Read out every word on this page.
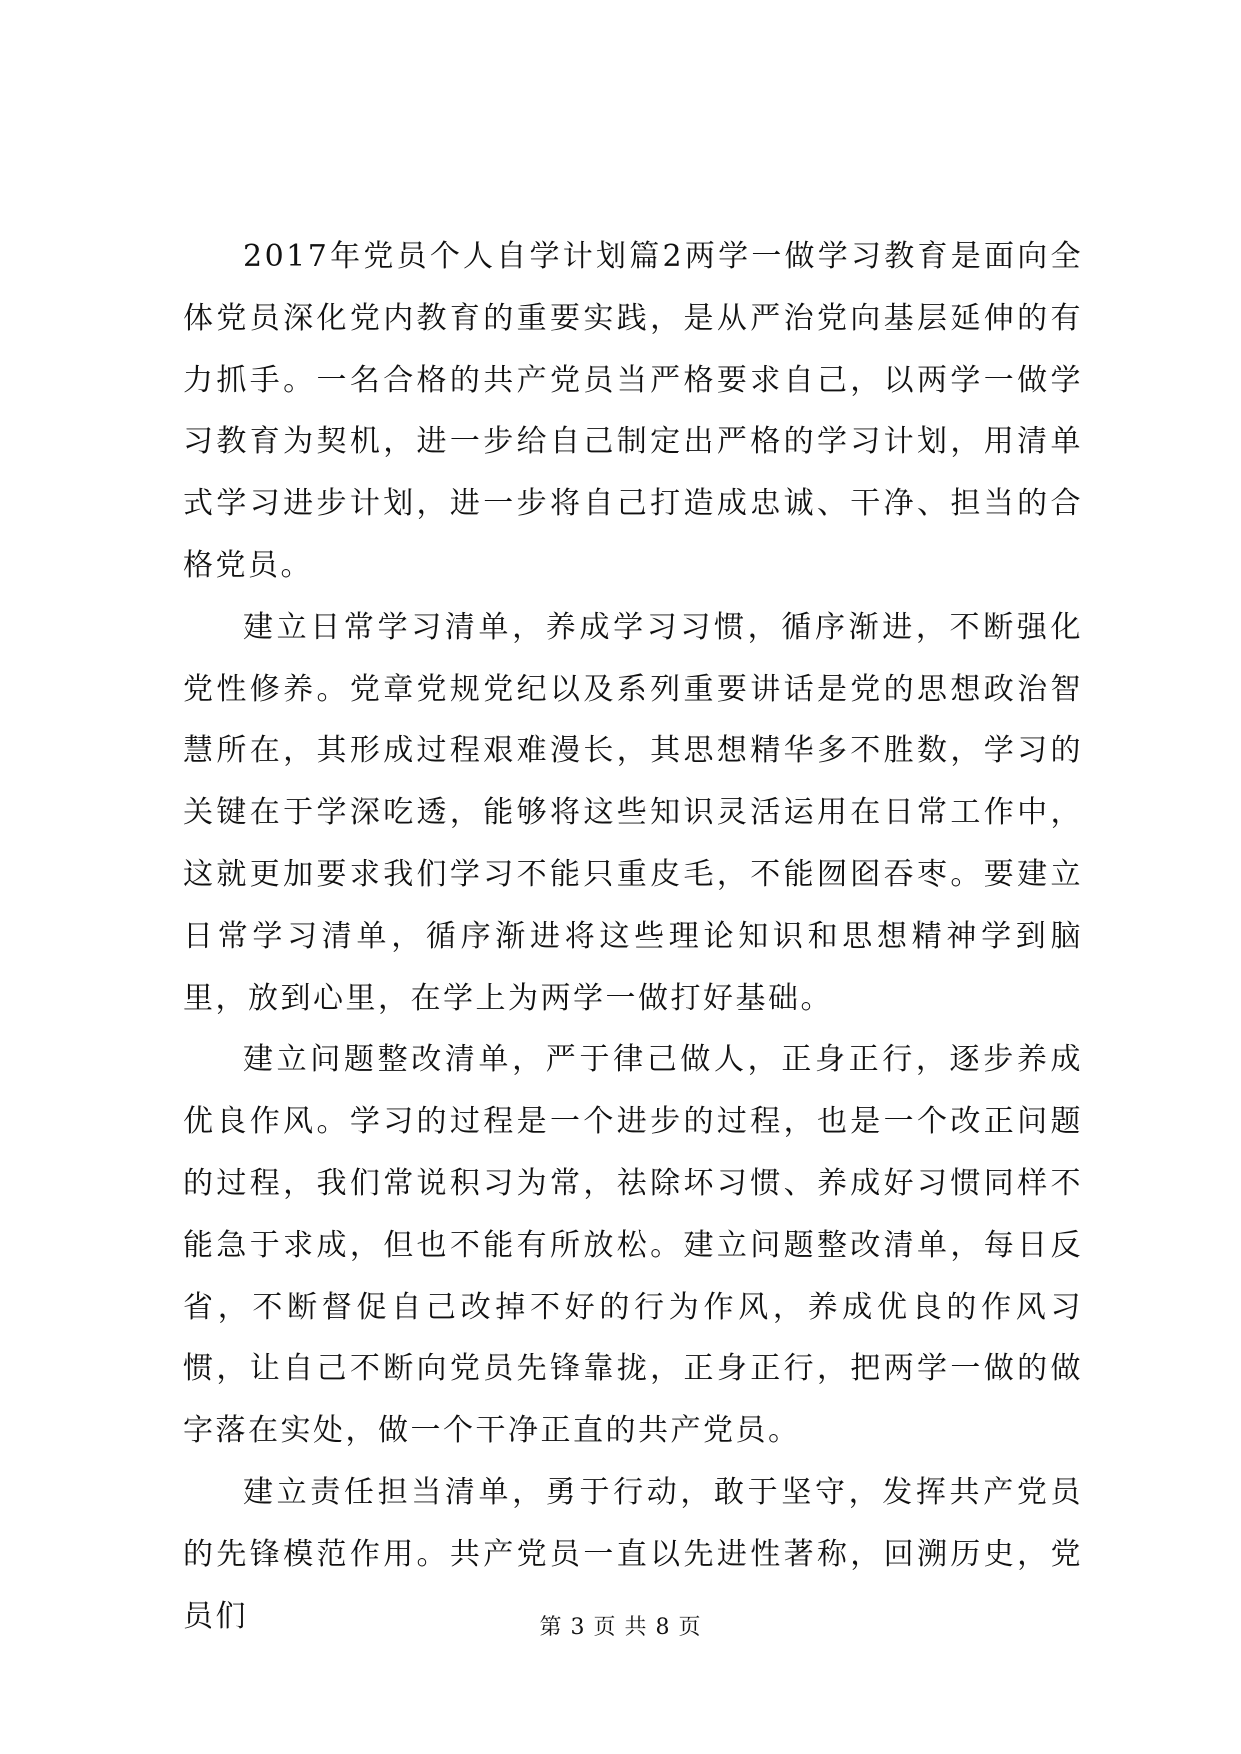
2017年党员个人自学计划篇2两学一做学习教育是面向全体党员深化党内教育的重要实践，是从严治党向基层延伸的有力抓手。一名合格的共产党员当严格要求自己，以两学一做学习教育为契机，进一步给自己制定出严格的学习计划，用清单式学习进步计划，进一步将自己打造成忠诚、干净、担当的合格党员。

建立日常学习清单，养成学习习惯，循序渐进，不断强化党性修养。党章党规党纪以及系列重要讲话是党的思想政治智慧所在，其形成过程艰难漫长，其思想精华多不胜数，学习的关键在于学深吃透，能够将这些知识灵活运用在日常工作中，这就更加要求我们学习不能只重皮毛，不能囫囵吞枣。要建立日常学习清单，循序渐进将这些理论知识和思想精神学到脑里，放到心里，在学上为两学一做打好基础。

建立问题整改清单，严于律己做人，正身正行，逐步养成优良作风。学习的过程是一个进步的过程，也是一个改正问题的过程，我们常说积习为常，祛除坏习惯、养成好习惯同样不能急于求成，但也不能有所放松。建立问题整改清单，每日反省，不断督促自己改掉不好的行为作风，养成优良的作风习惯，让自己不断向党员先锋靠拢，正身正行，把两学一做的做字落在实处，做一个干净正直的共产党员。

建立责任担当清单，勇于行动，敢于坚守，发挥共产党员的先锋模范作用。共产党员一直以先进性著称，回溯历史，党员们	第 3 页 共 8 页
